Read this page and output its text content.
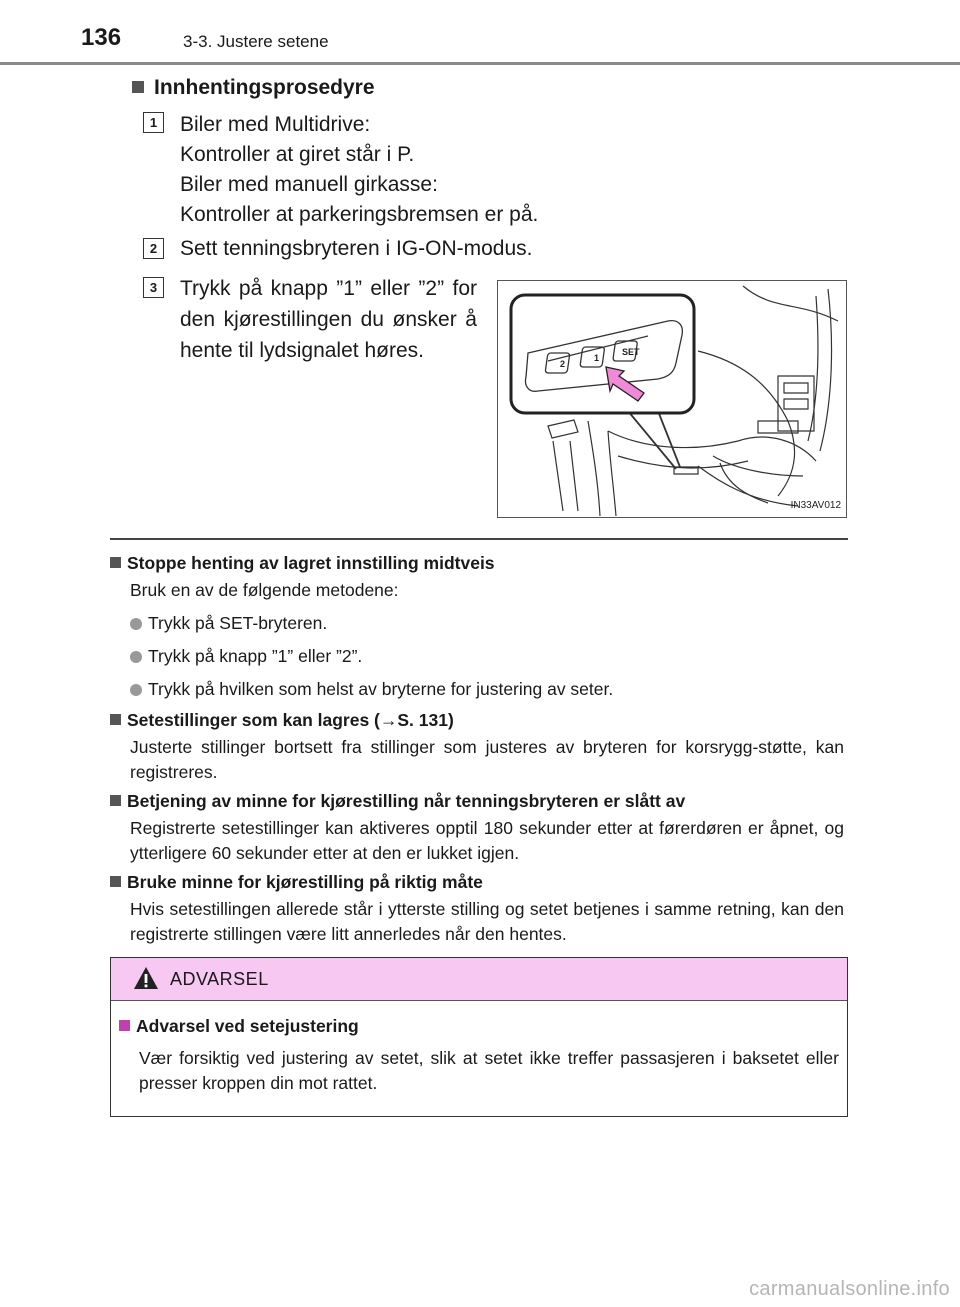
136	3-3. Justere setene
Innhentingsprosedyre
1	Biler med Multidrive:
Kontroller at giret står i P.
Biler med manuell girkasse:
Kontroller at parkeringsbremsen er på.
2	Sett tenningsbryteren i IG-ON-modus.
3	Trykk på knapp ”1” eller ”2” for den kjørestillingen du ønsker å hente til lydsignalet høres.
2
1
SET
IN33AV012
Stoppe henting av lagret innstilling midtveis
Bruk en av de følgende metodene:
Trykk på SET-bryteren.
Trykk på knapp ”1” eller ”2”.
Trykk på hvilken som helst av bryterne for justering av seter.
Setestillinger som kan lagres (→S. 131)
Justerte stillinger bortsett fra stillinger som justeres av bryteren for korsrygg-støtte, kan registreres.
Betjening av minne for kjørestilling når tenningsbryteren er slått av
Registrerte setestillinger kan aktiveres opptil 180 sekunder etter at førerdøren er åpnet, og ytterligere 60 sekunder etter at den er lukket igjen.
Bruke minne for kjørestilling på riktig måte
Hvis setestillingen allerede står i ytterste stilling og setet betjenes i samme retning, kan den registrerte stillingen være litt annerledes når den hentes.
ADVARSEL
Advarsel ved setejustering
Vær forsiktig ved justering av setet, slik at setet ikke treffer passasjeren i baksetet eller presser kroppen din mot rattet.
carmanualsonline.info
